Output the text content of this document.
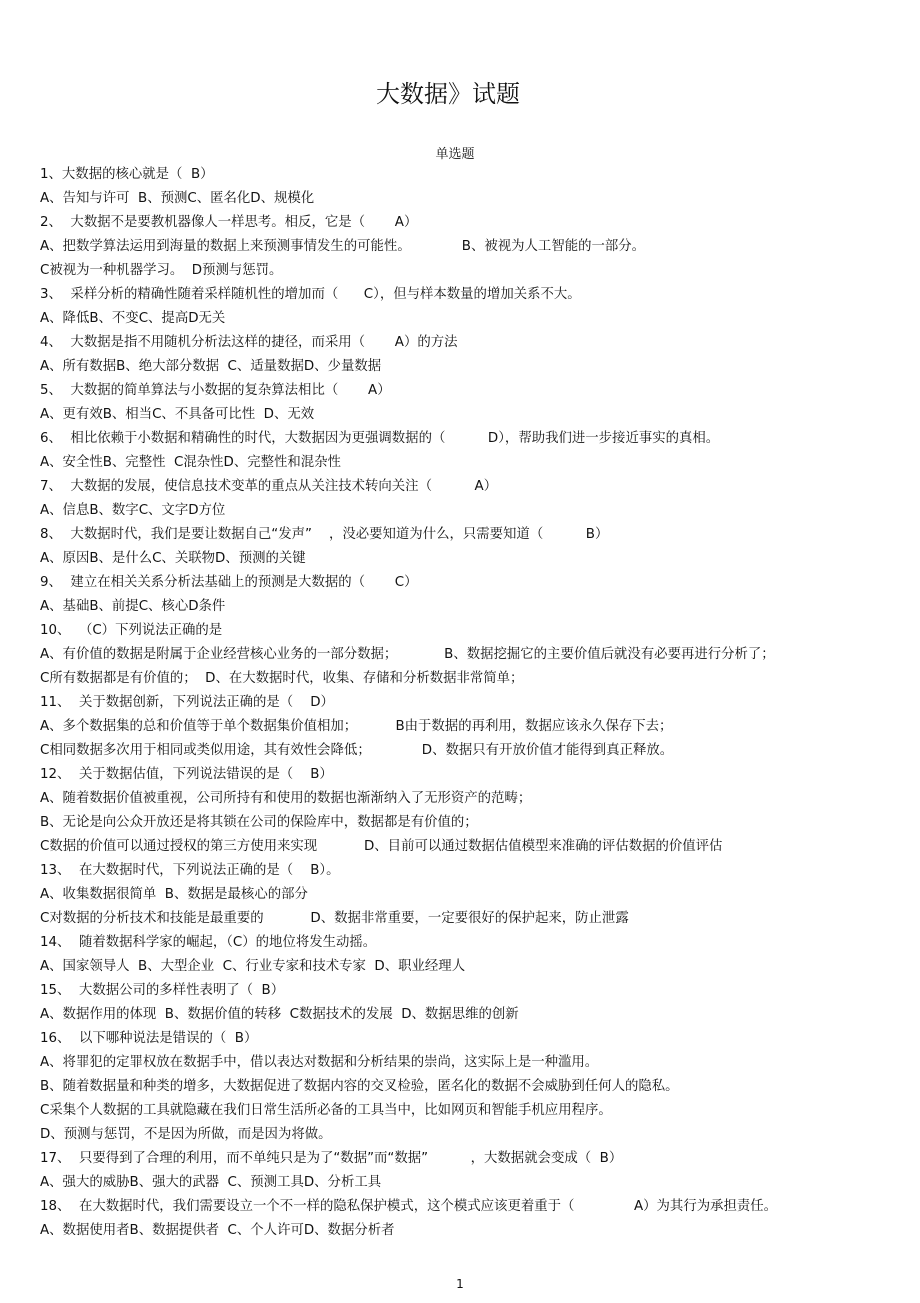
大数据》试题
单选题
1、大数据的核心就是（  B）
A、告知与许可  B、预测C、匿名化D、规模化
2、  大数据不是要教机器像人一样思考。相反，它是（       A）
A、把数学算法运用到海量的数据上来预测事情发生的可能性。            B、被视为人工智能的一部分。
C被视为一种机器学习。  D预测与惩罚。
3、  采样分析的精确性随着采样随机性的增加而（      C），但与样本数量的增加关系不大。
A、降低B、不变C、提高D无关
4、  大数据是指不用随机分析法这样的捷径，而采用（       A）的方法
A、所有数据B、绝大部分数据  C、适量数据D、少量数据
5、  大数据的简单算法与小数据的复杂算法相比（       A）
A、更有效B、相当C、不具备可比性  D、无效
6、  相比依赖于小数据和精确性的时代，大数据因为更强调数据的（          D），帮助我们进一步接近事实的真相。
A、安全性B、完整性  C混杂性D、完整性和混杂性
7、  大数据的发展，使信息技术变革的重点从关注技术转向关注（          A）
A、信息B、数字C、文字D方位
8、  大数据时代，我们是要让数据自己“发声”    ，没必要知道为什么，只需要知道（          B）
A、原因B、是什么C、关联物D、预测的关键
9、  建立在相关关系分析法基础上的预测是大数据的（       C）
A、基础B、前提C、核心D条件
10、  （C）下列说法正确的是
A、有价值的数据是附属于企业经营核心业务的一部分数据；           B、数据挖掘它的主要价值后就没有必要再进行分析了；
C所有数据都是有价值的；  D、在大数据时代，收集、存储和分析数据非常简单；
11、  关于数据创新，下列说法正确的是（    D）
A、多个数据集的总和价值等于单个数据集价值相加；         B由于数据的再利用，数据应该永久保存下去；
C相同数据多次用于相同或类似用途，其有效性会降低；            D、数据只有开放价值才能得到真正释放。
12、  关于数据估值，下列说法错误的是（    B）
A、随着数据价值被重视，公司所持有和使用的数据也渐渐纳入了无形资产的范畴；
B、无论是向公众开放还是将其锁在公司的保险库中，数据都是有价值的；
C数据的价值可以通过授权的第三方使用来实现           D、目前可以通过数据估值模型来准确的评估数据的价值评估
13、  在大数据时代，下列说法正确的是（    B）。
A、收集数据很简单  B、数据是最核心的部分
C对数据的分析技术和技能是最重要的           D、数据非常重要，一定要很好的保护起来，防止泄露
14、  随着数据科学家的崛起，（C）的地位将发生动摇。
A、国家领导人  B、大型企业  C、行业专家和技术专家  D、职业经理人
15、  大数据公司的多样性表明了（  B）
A、数据作用的体现  B、数据价值的转移  C数据技术的发展  D、数据思维的创新
16、  以下哪种说法是错误的（  B）
A、将罪犯的定罪权放在数据手中，借以表达对数据和分析结果的崇尚，这实际上是一种滥用。
B、随着数据量和种类的增多，大数据促进了数据内容的交叉检验，匿名化的数据不会威胁到任何人的隐私。
C采集个人数据的工具就隐藏在我们日常生活所必备的工具当中，比如网页和智能手机应用程序。
D、预测与惩罚，不是因为所做，而是因为将做。
17、  只要得到了合理的利用，而不单纯只是为了“数据”而“数据”          ，大数据就会变成（  B）
A、强大的威胁B、强大的武器  C、预测工具D、分析工具
18、  在大数据时代，我们需要设立一个不一样的隐私保护模式，这个模式应该更着重于（              A）为其行为承担责任。
A、数据使用者B、数据提供者  C、个人许可D、数据分析者
1
